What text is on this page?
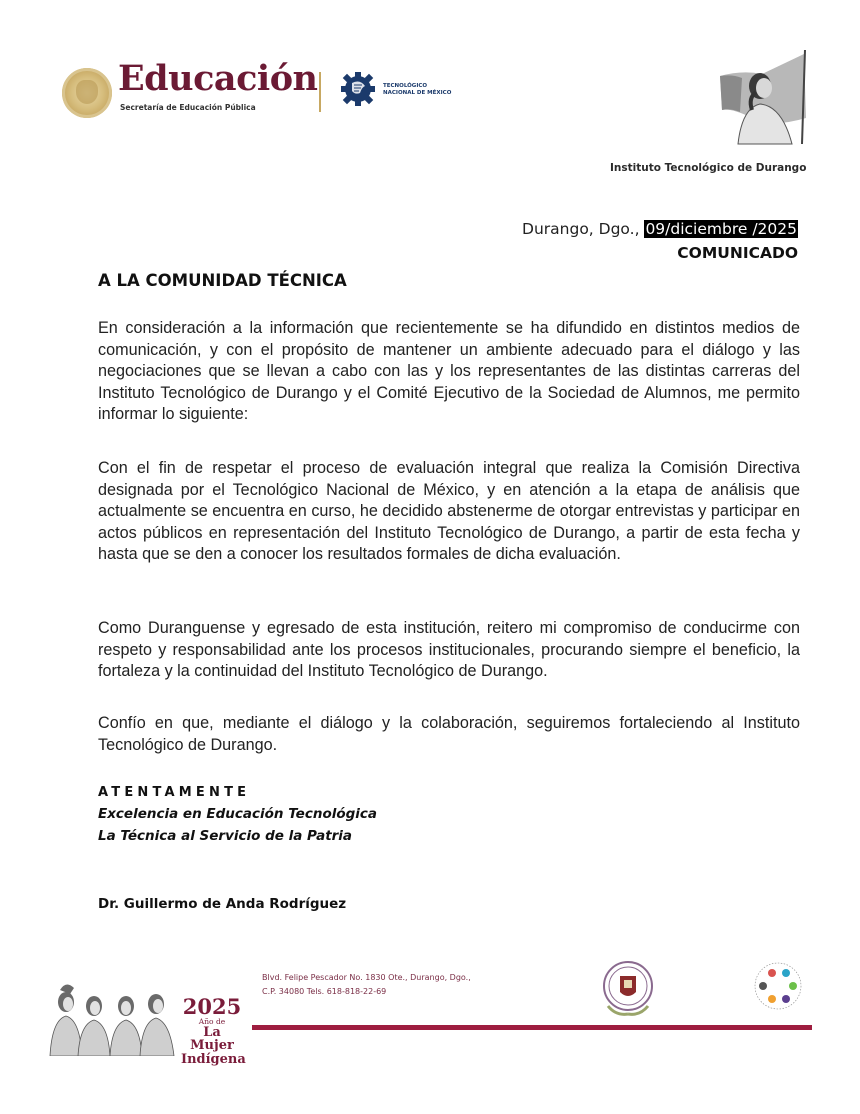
Educación
Secretaría de Educación Pública
TECNOLÓGICO
NACIONAL DE MÉXICO
Instituto Tecnológico de Durango
Durango, Dgo., 09/diciembre /2025
COMUNICADO
A LA COMUNIDAD TÉCNICA
En consideración a la información que recientemente se ha difundido en distintos medios de comunicación, y con el propósito de mantener un ambiente adecuado para el diálogo y las negociaciones que se llevan a cabo con las y los representantes de las distintas carreras del Instituto Tecnológico de Durango y el Comité Ejecutivo de la Sociedad de Alumnos, me permito informar lo siguiente:
Con el fin de respetar el proceso de evaluación integral que realiza la Comisión Directiva designada por el Tecnológico Nacional de México, y en atención a la etapa de análisis que actualmente se encuentra en curso, he decidido abstenerme de otorgar entrevistas y participar en actos públicos en representación del Instituto Tecnológico de Durango, a partir de esta fecha y hasta que se den a conocer los resultados formales de dicha evaluación.
Como Duranguense y egresado de esta institución, reitero mi compromiso de conducirme con respeto y responsabilidad ante los procesos institucionales, procurando siempre el beneficio, la fortaleza y la continuidad del Instituto Tecnológico de Durango.
Confío en que, mediante el diálogo y la colaboración, seguiremos fortaleciendo al Instituto Tecnológico de Durango.
ATENTAMENTE
Excelencia en Educación Tecnológica
La Técnica al Servicio de la Patria
Dr. Guillermo de Anda Rodríguez
2025
Año de
La Mujer
Indígena
Blvd. Felipe Pescador No. 1830 Ote., Durango, Dgo.,
C.P. 34080 Tels. 618-818-22-69
